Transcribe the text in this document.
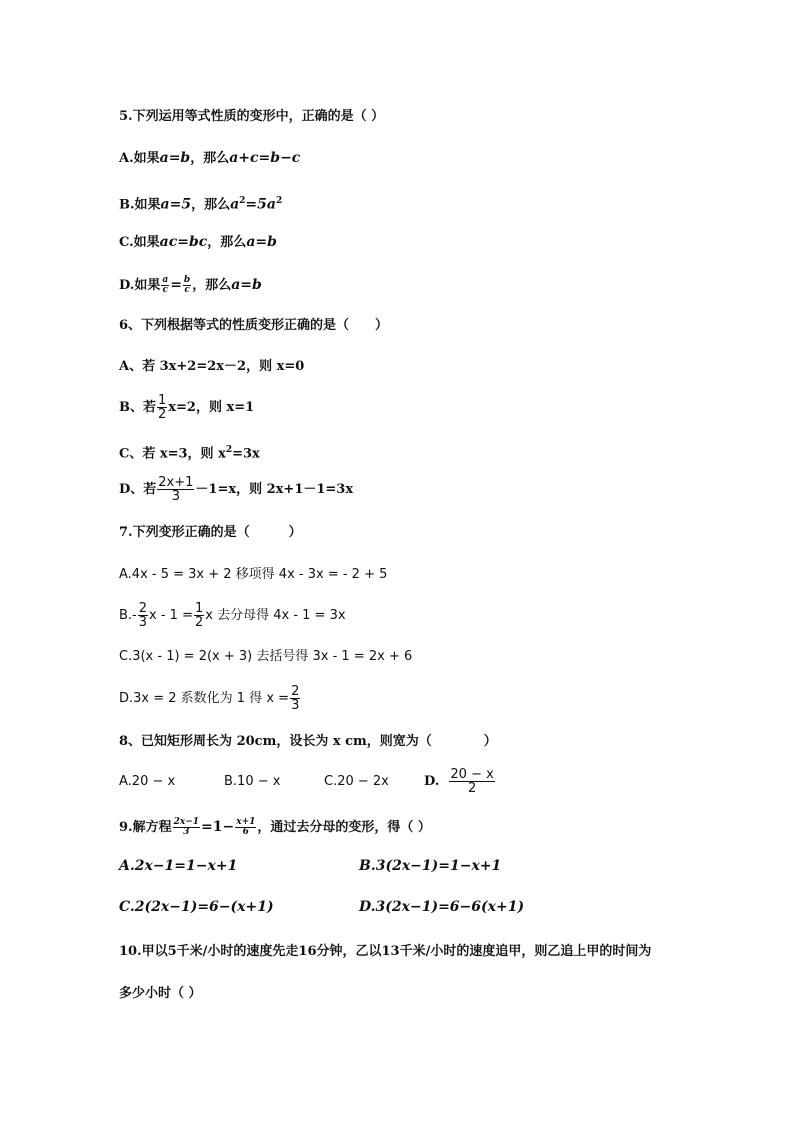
5.下列运用等式性质的变形中，正确的是（ ）
A.如果a=b，那么a+c=b−c
B.如果a=5，那么$a^2=5a^2$
C.如果ac=bc，那么a=b
D.如果 $\frac{a}{c} = \frac{b}{c}$ ，那么a=b
6、下列根据等式的性质变形正确的是（　　）
A、若 3x+2=2x－2，则 x=0
B、若 $\frac{1}{2} x=2$，则 x=1
C、若 x=3，则 $x^2=3x$
D、若 $\frac{2x+1}{3} -1=x$，则 2x+1－1=3x
7.下列变形正确的是（　　　）
A.4x - 5 = 3x + 2 移项得 4x - 3x = - 2 + 5
$B.- \frac{2}{3}$ $x - 1 = \frac{1}{2}$ x 去分母得 4x - 1 = 3x
C.3(x - 1) = 2(x + 3) 去括号得 3x - 1 = 2x + 6
D.3x = 2 系数化为 1 得 $x = \frac{2}{3}$
8、已知矩形周长为 20cm，设长为 x cm，则宽为（　　　　）
A.20 − x	B.10 − x	C.20 − 2x	D. $\frac{20 - x}{2}$
9.解方程 $\frac{2x-1}{3} =1- \frac{x+1}{6}$ ，通过去分母的变形，得（ ）
A.2x−1=1−x+1	B.3(2x−1)=1−x+1
C.2(2x−1)=6−(x+1)	D.3(2x−1)=6−6(x+1)
10.甲以5千米/小时的速度先走16分钟，乙以13千米/小时的速度追甲，则乙追上甲的时间为
多少小时（ ）
